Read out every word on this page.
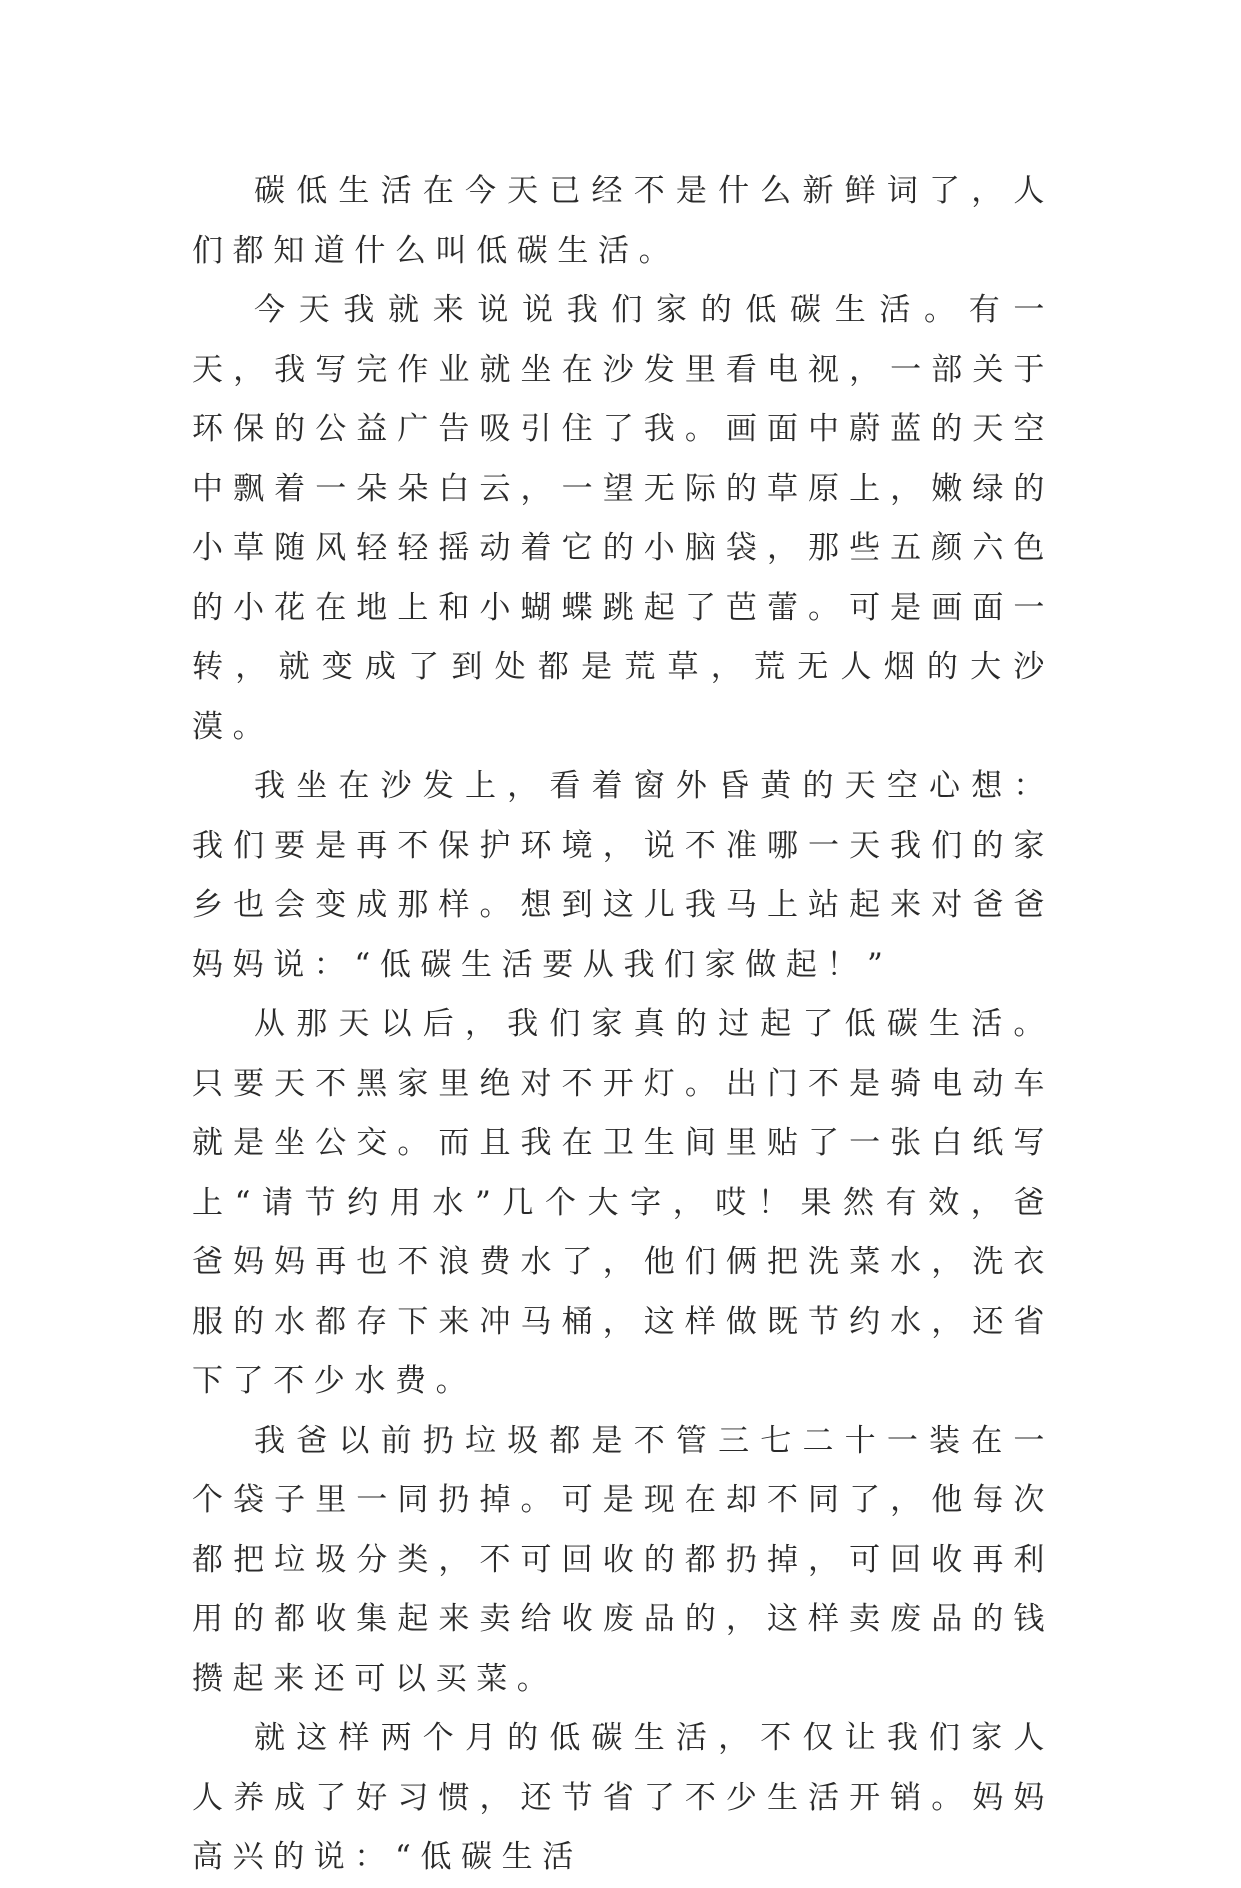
碳低生活在今天已经不是什么新鲜词了，人们都知道什么叫低碳生活。

今天我就来说说我们家的低碳生活。有一天，我写完作业就坐在沙发里看电视，一部关于环保的公益广告吸引住了我。画面中蔚蓝的天空中飘着一朵朵白云，一望无际的草原上，嫩绿的小草随风轻轻摇动着它的小脑袋，那些五颜六色的小花在地上和小蝴蝶跳起了芭蕾。可是画面一转，就变成了到处都是荒草，荒无人烟的大沙漠。

我坐在沙发上，看着窗外昏黄的天空心想：我们要是再不保护环境，说不准哪一天我们的家乡也会变成那样。想到这儿我马上站起来对爸爸妈妈说：“低碳生活要从我们家做起！”

从那天以后，我们家真的过起了低碳生活。只要天不黑家里绝对不开灯。出门不是骑电动车就是坐公交。而且我在卫生间里贴了一张白纸写上“请节约用水”几个大字，哎！果然有效，爸爸妈妈再也不浪费水了，他们俩把洗菜水，洗衣服的水都存下来冲马桶，这样做既节约水，还省下了不少水费。

我爸以前扔垃圾都是不管三七二十一装在一个袋子里一同扔掉。可是现在却不同了，他每次都把垃圾分类，不可回收的都扔掉，可回收再利用的都收集起来卖给收废品的，这样卖废品的钱攒起来还可以买菜。

就这样两个月的低碳生活，不仅让我们家人人养成了好习惯，还节省了不少生活开销。妈妈高兴的说：“低碳生活
